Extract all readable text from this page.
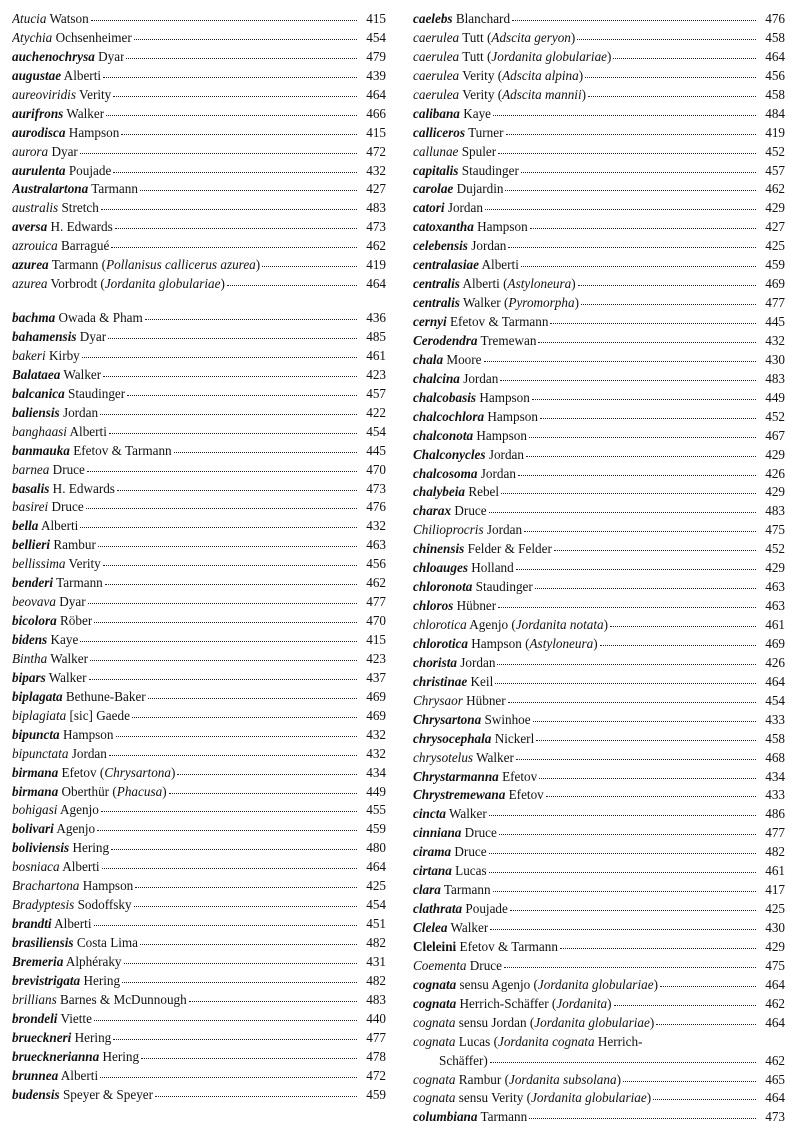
Atucia Watson	415
Atychia Ochsenheimer	454
auchenochrysa Dyar	479
augustae Alberti	439
aureoviridis Verity	464
aurifrons Walker	466
aurodisca Hampson	415
aurora Dyar	472
aurulenta Poujade	432
Australartona Tarmann	427
australis Stretch	483
aversa H. Edwards	473
azrouica Barragué	462
azurea Tarmann (Pollanisus callicerus azurea)	419
azurea Vorbrodt (Jordanita globulariae)	464
bachma Owada & Pham	436
bahamensis Dyar	485
bakeri Kirby	461
Balataea Walker	423
balcanica Staudinger	457
baliensis Jordan	422
banghaasi Alberti	454
banmauka Efetov & Tarmann	445
barnea Druce	470
basalis H. Edwards	473
basirei Druce	476
bella Alberti	432
bellieri Rambur	463
bellissima Verity	456
benderi Tarmann	462
beovava Dyar	477
bicolora Röber	470
bidens Kaye	415
Bintha Walker	423
bipars Walker	437
biplagata Bethune-Baker	469
biplagiata [sic] Gaede	469
bipuncta Hampson	432
bipunctata Jordan	432
birmana Efetov (Chrysartona)	434
birmana Oberthür (Phacusa)	449
bohigasi Agenjo	455
bolivari Agenjo	459
boliviensis Hering	480
bosniaca Alberti	464
Brachartona Hampson	425
Bradyptesis Sodoffsky	454
brandti Alberti	451
brasiliensis Costa Lima	482
Bremeria Alphéraky	431
brevistrigata Hering	482
brillians Barnes & McDunnough	483
brondeli Viette	440
brueckneri Hering	477
bruecknerianna Hering	478
brunnea Alberti	472
budensis Speyer & Speyer	459
caelebs Blanchard	476
caerulea Tutt (Adscita geryon)	458
caerulea Tutt (Jordanita globulariae)	464
caerulea Verity (Adscita alpina)	456
caerulea Verity (Adscita mannii)	458
calibana Kaye	484
calliceros Turner	419
callunae Spuler	452
capitalis Staudinger	457
carolae Dujardin	462
catori Jordan	429
catoxantha Hampson	427
celebensis Jordan	425
centralasiae Alberti	459
centralis Alberti (Astyloneura)	469
centralis Walker (Pyromorpha)	477
cernyi Efetov & Tarmann	445
Cerodendra Tremewan	432
chala Moore	430
chalcina Jordan	483
chalcobasis Hampson	449
chalcochlora Hampson	452
chalconota Hampson	467
Chalconycles Jordan	429
chalcosoma Jordan	426
chalybeia Rebel	429
charax Druce	483
Chilioprocris Jordan	475
chinensis Felder & Felder	452
chloauges Holland	429
chloronota Staudinger	463
chloros Hübner	463
chlorotica Agenjo (Jordanita notata)	461
chlorotica Hampson (Astyloneura)	469
chorista Jordan	426
christinae Keil	464
Chrysaor Hübner	454
Chrysartona Swinhoe	433
chrysocephala Nickerl	458
chrysotelus Walker	468
Chrystarmanna Efetov	434
Chrystremewana Efetov	433
cincta Walker	486
cinniana Druce	477
cirama Druce	482
cirtana Lucas	461
clara Tarmann	417
clathrata Poujade	425
Clelea Walker	430
Cleleini Efetov & Tarmann	429
Coementa Druce	475
cognata sensu Agenjo (Jordanita globulariae)	464
cognata Herrich-Schäffer (Jordanita)	462
cognata sensu Jordan (Jordanita globulariae)	464
cognata Lucas (Jordanita cognata Herrich-
Schäffer)	462
cognata Rambur (Jordanita subsolana)	465
cognata sensu Verity (Jordanita globulariae)	464
columbiana Tarmann	473
